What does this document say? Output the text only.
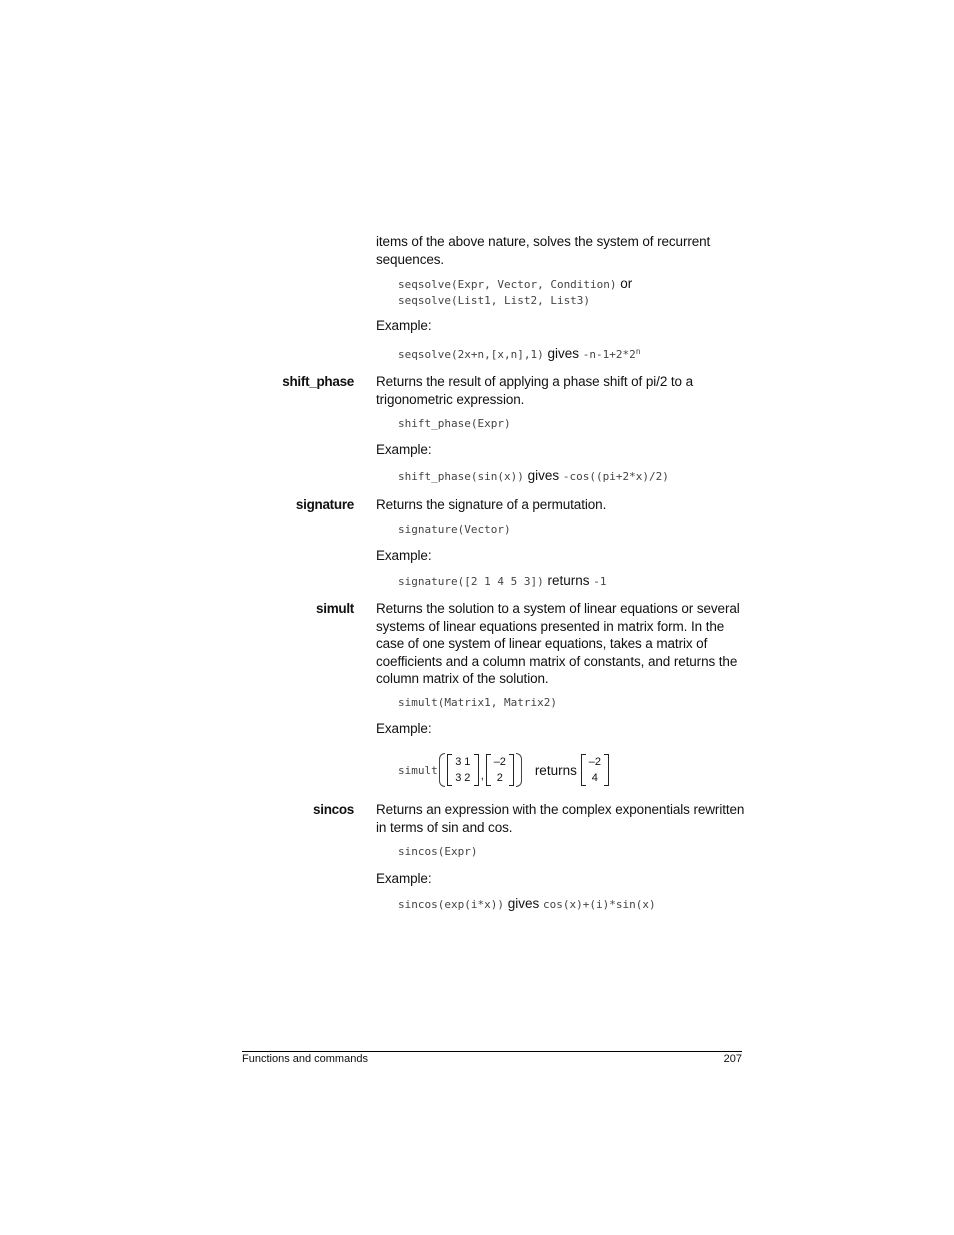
items of the above nature, solves the system of recurrent sequences.

seqsolve(Expr, Vector, Condition) or
seqsolve(List1, List2, List3)

Example:

seqsolve(2x+n,[x,n],1) gives $-n-1+2*2^n$
shift_phase Returns the result of applying a phase shift of pi/2 to a trigonometric expression.

shift_phase(Expr)

Example:

shift_phase(sin(x)) gives -cos((pi+2*x)/2)
signature Returns the signature of a permutation.

signature(Vector)

Example:

signature([2 1 4 5 3]) returns -1
simult Returns the solution to a system of linear equations or several systems of linear equations presented in matrix form. In the case of one system of linear equations, takes a matrix of coefficients and a column matrix of constants, and returns the column matrix of the solution.

simult(Matrix1, Matrix2)

Example:

simult
3 1
3 2 ,
–2
2
returns
–2
4
sincos Returns an expression with the complex exponentials rewritten in terms of sin and cos.

sincos(Expr)

Example:

sincos(exp(i*x)) gives cos(x)+(i)*sin(x)
Functions and commands	207
